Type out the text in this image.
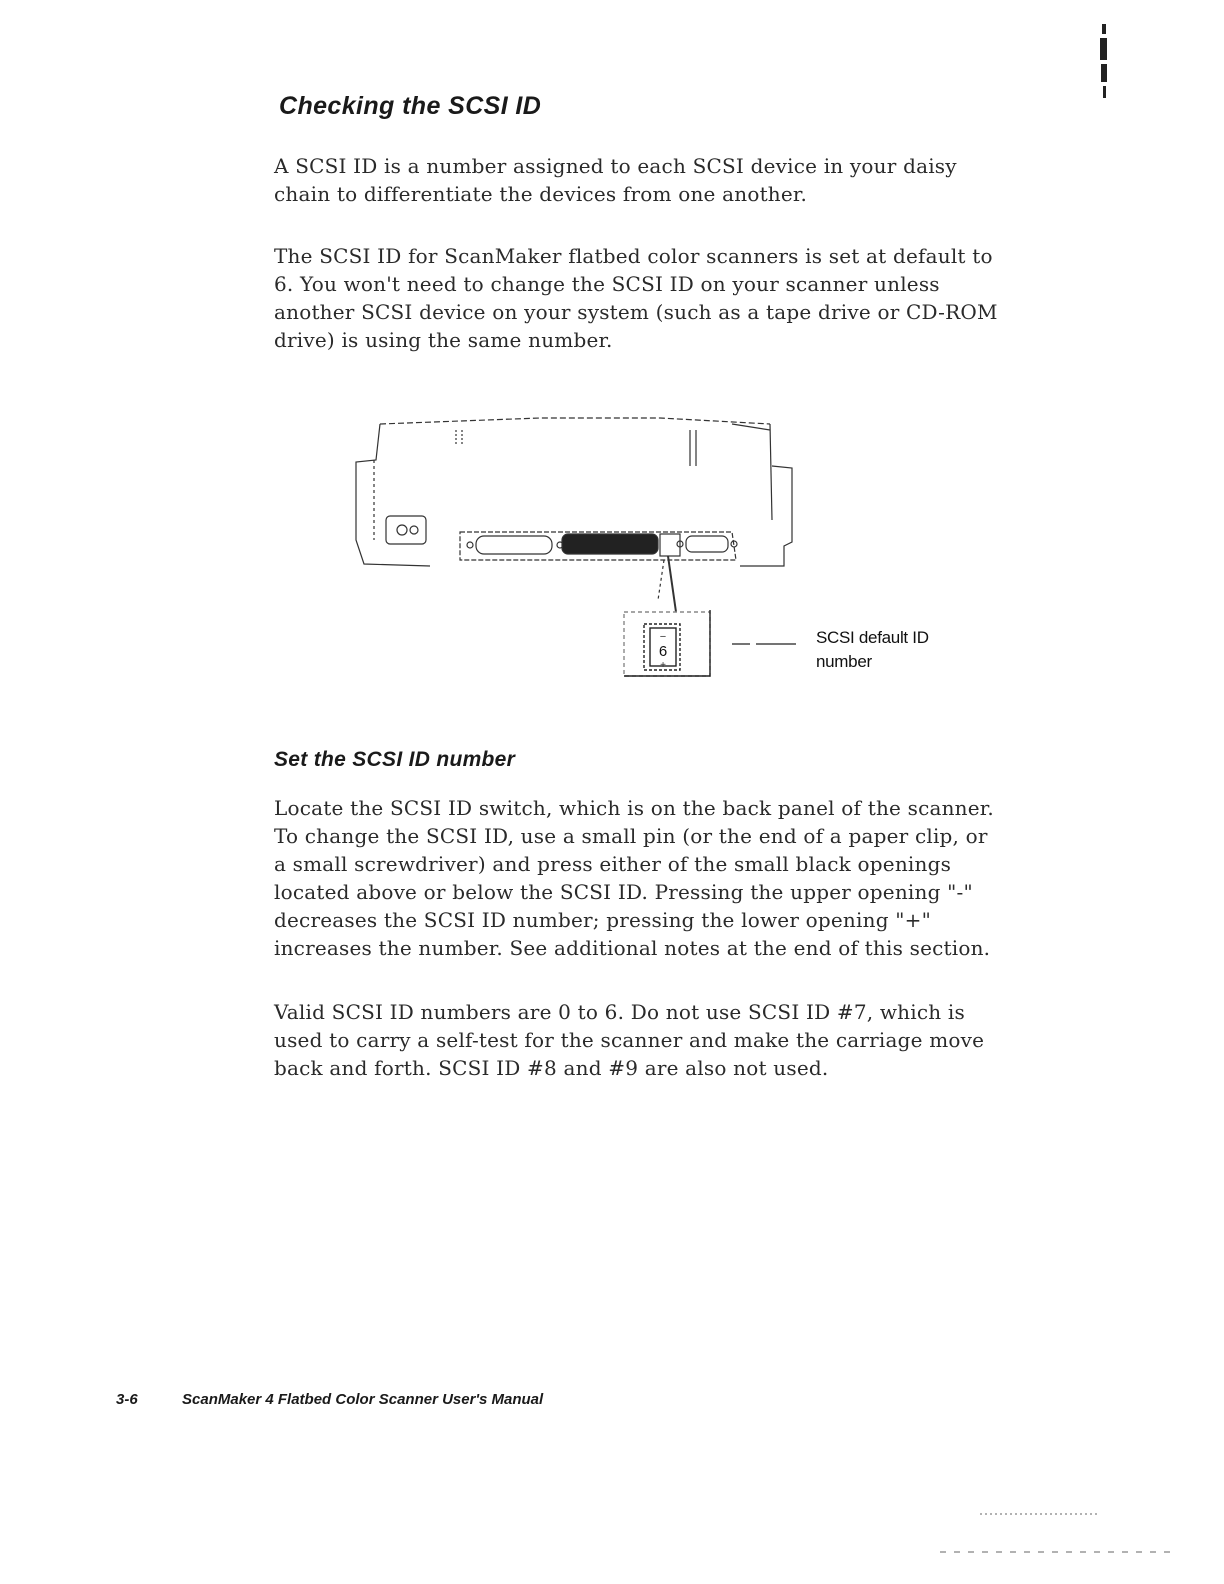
Checking the SCSI ID

A SCSI ID is a number assigned to each SCSI device in your daisy
chain to differentiate the devices from one another.

The SCSI ID for ScanMaker flatbed color scanners is set at default to
6. You won't need to change the SCSI ID on your scanner unless
another SCSI device on your system (such as a tape drive or CD-ROM
drive) is using the same number.

−
6
+
SCSI default ID
number
Set the SCSI ID number

Locate the SCSI ID switch, which is on the back panel of the scanner.
To change the SCSI ID, use a small pin (or the end of a paper clip, or
a small screwdriver) and press either of the small black openings
located above or below the SCSI ID. Pressing the upper opening "-"
decreases the SCSI ID number; pressing the lower opening "+"
increases the number. See additional notes at the end of this section.

Valid SCSI ID numbers are 0 to 6. Do not use SCSI ID #7, which is
used to carry a self-test for the scanner and make the carriage move
back and forth. SCSI ID #8 and #9 are also not used.

3-6	ScanMaker 4 Flatbed Color Scanner User's Manual
